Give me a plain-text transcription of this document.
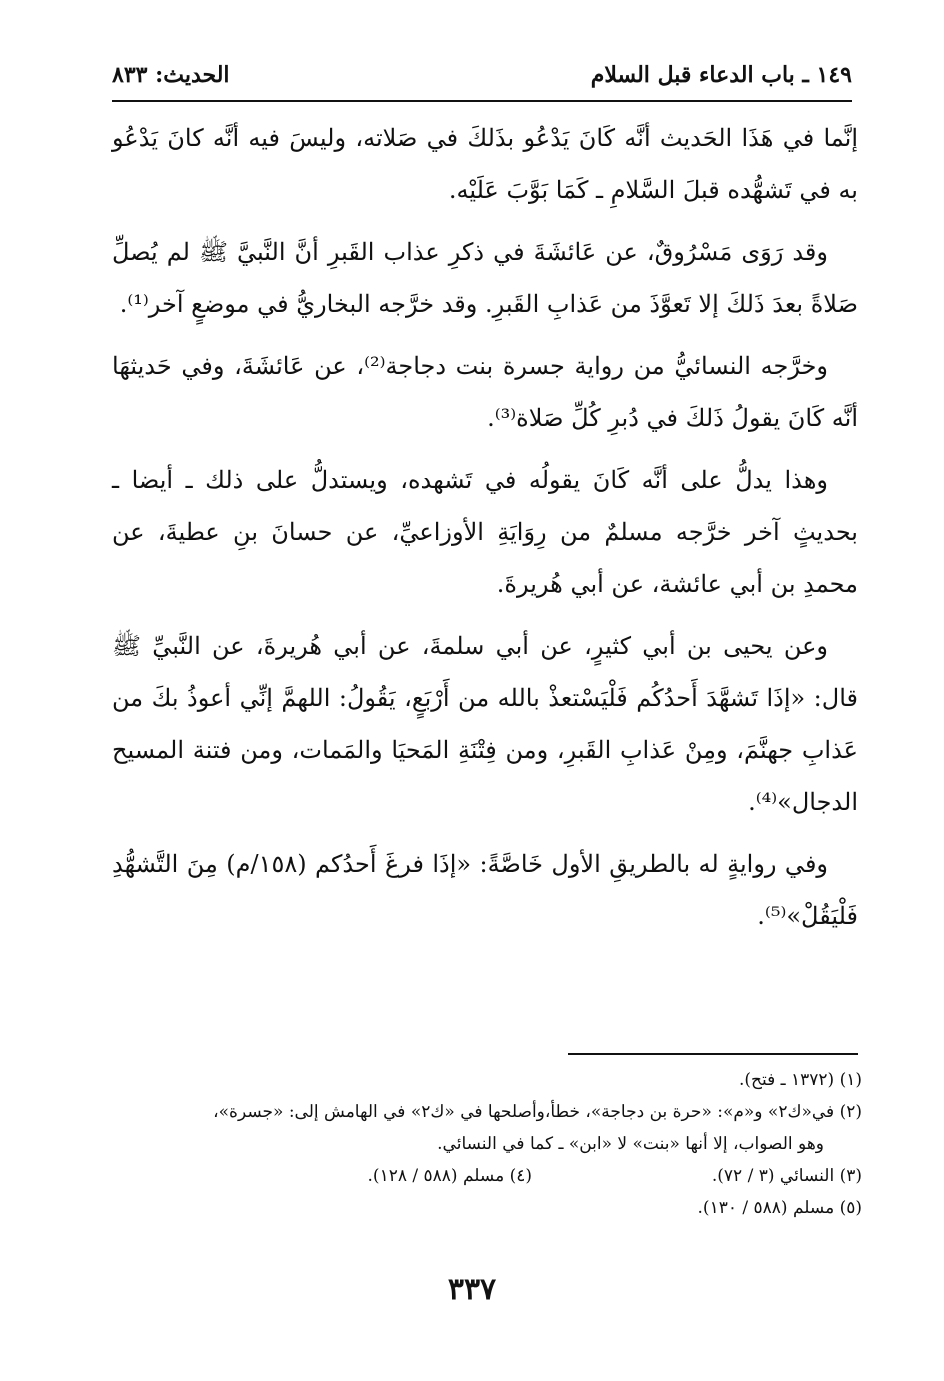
١٤٩ ـ باب الدعاء قبل السلام
الحديث: ٨٣٣

إنَّما في هَذَا الحَديث أنَّه كَانَ يَدْعُو بذَلكَ في صَلاته، وليسَ فيه أنَّه كانَ يَدْعُو به في تَشهُّده قبلَ السَّلامِ ـ كَمَا بَوَّبَ عَلَيْه.

وقد رَوَى مَسْرُوقٌ، عن عَائشَةَ في ذكرِ عذاب القَبرِ أنَّ النَّبيَّ ﷺ لم يُصلِّ صَلاةً بعدَ ذَلكَ إلا تَعوَّذَ من عَذابِ القَبرِ. وقد خرَّجه البخاريُّ في موضعٍ آخر⁽¹⁾.

وخرَّجه النسائيُّ من رواية جسرة بنت دجاجة⁽²⁾، عن عَائشَةَ، وفي حَديثهَا أنَّه كَانَ يقولُ ذَلكَ في دُبرِ كُلِّ صَلاة⁽³⁾.

وهذا يدلُّ على أنَّه كَانَ يقولُه في تَشهده، ويستدلُّ على ذلك ـ أيضا ـ بحديثٍ آخر خرَّجه مسلمٌ من رِوَايَةِ الأوزاعيِّ، عن حسانَ بنِ عطيةَ، عن محمدِ بن أبي عائشة، عن أبي هُريرةَ.

وعن يحيى بن أبي كثيرٍ، عن أبي سلمةَ، عن أبي هُريرةَ، عن النَّبيِّ ﷺ قال: «إذَا تَشهَّدَ أَحدُكُم فَلْيَسْتعذْ بالله من أَرْبَعٍ، يَقُولُ: اللهمَّ إنِّي أعوذُ بكَ من عَذابِ جهنَّمَ، ومِنْ عَذابِ القَبرِ، ومن فِتْنَةِ المَحيَا والمَمات، ومن فتنة المسيح الدجال»⁽⁴⁾.

وفي روايةٍ له بالطريقِ الأول خَاصَّةً: «إذَا فرغَ أَحدُكم (١٥٨/م) مِنَ التَّشهُّدِ فَلْيَقُلْ»⁽⁵⁾.

(١) (١٣٧٢ ـ فتح).

(٢) في«ك٢» و«م»: «حرة بن دجاجة»، خطأ،وأصلحها في «ك٢» في الهامش إلى: «جسرة»،

وهو الصواب، إلا أنها «بنت» لا «ابن» ـ كما في النسائي.

(٣) النسائي (٣ / ٧٢).
(٤) مسلم (٥٨٨ / ١٢٨).

(٥) مسلم (٥٨٨ / ١٣٠).

٣٣٧
